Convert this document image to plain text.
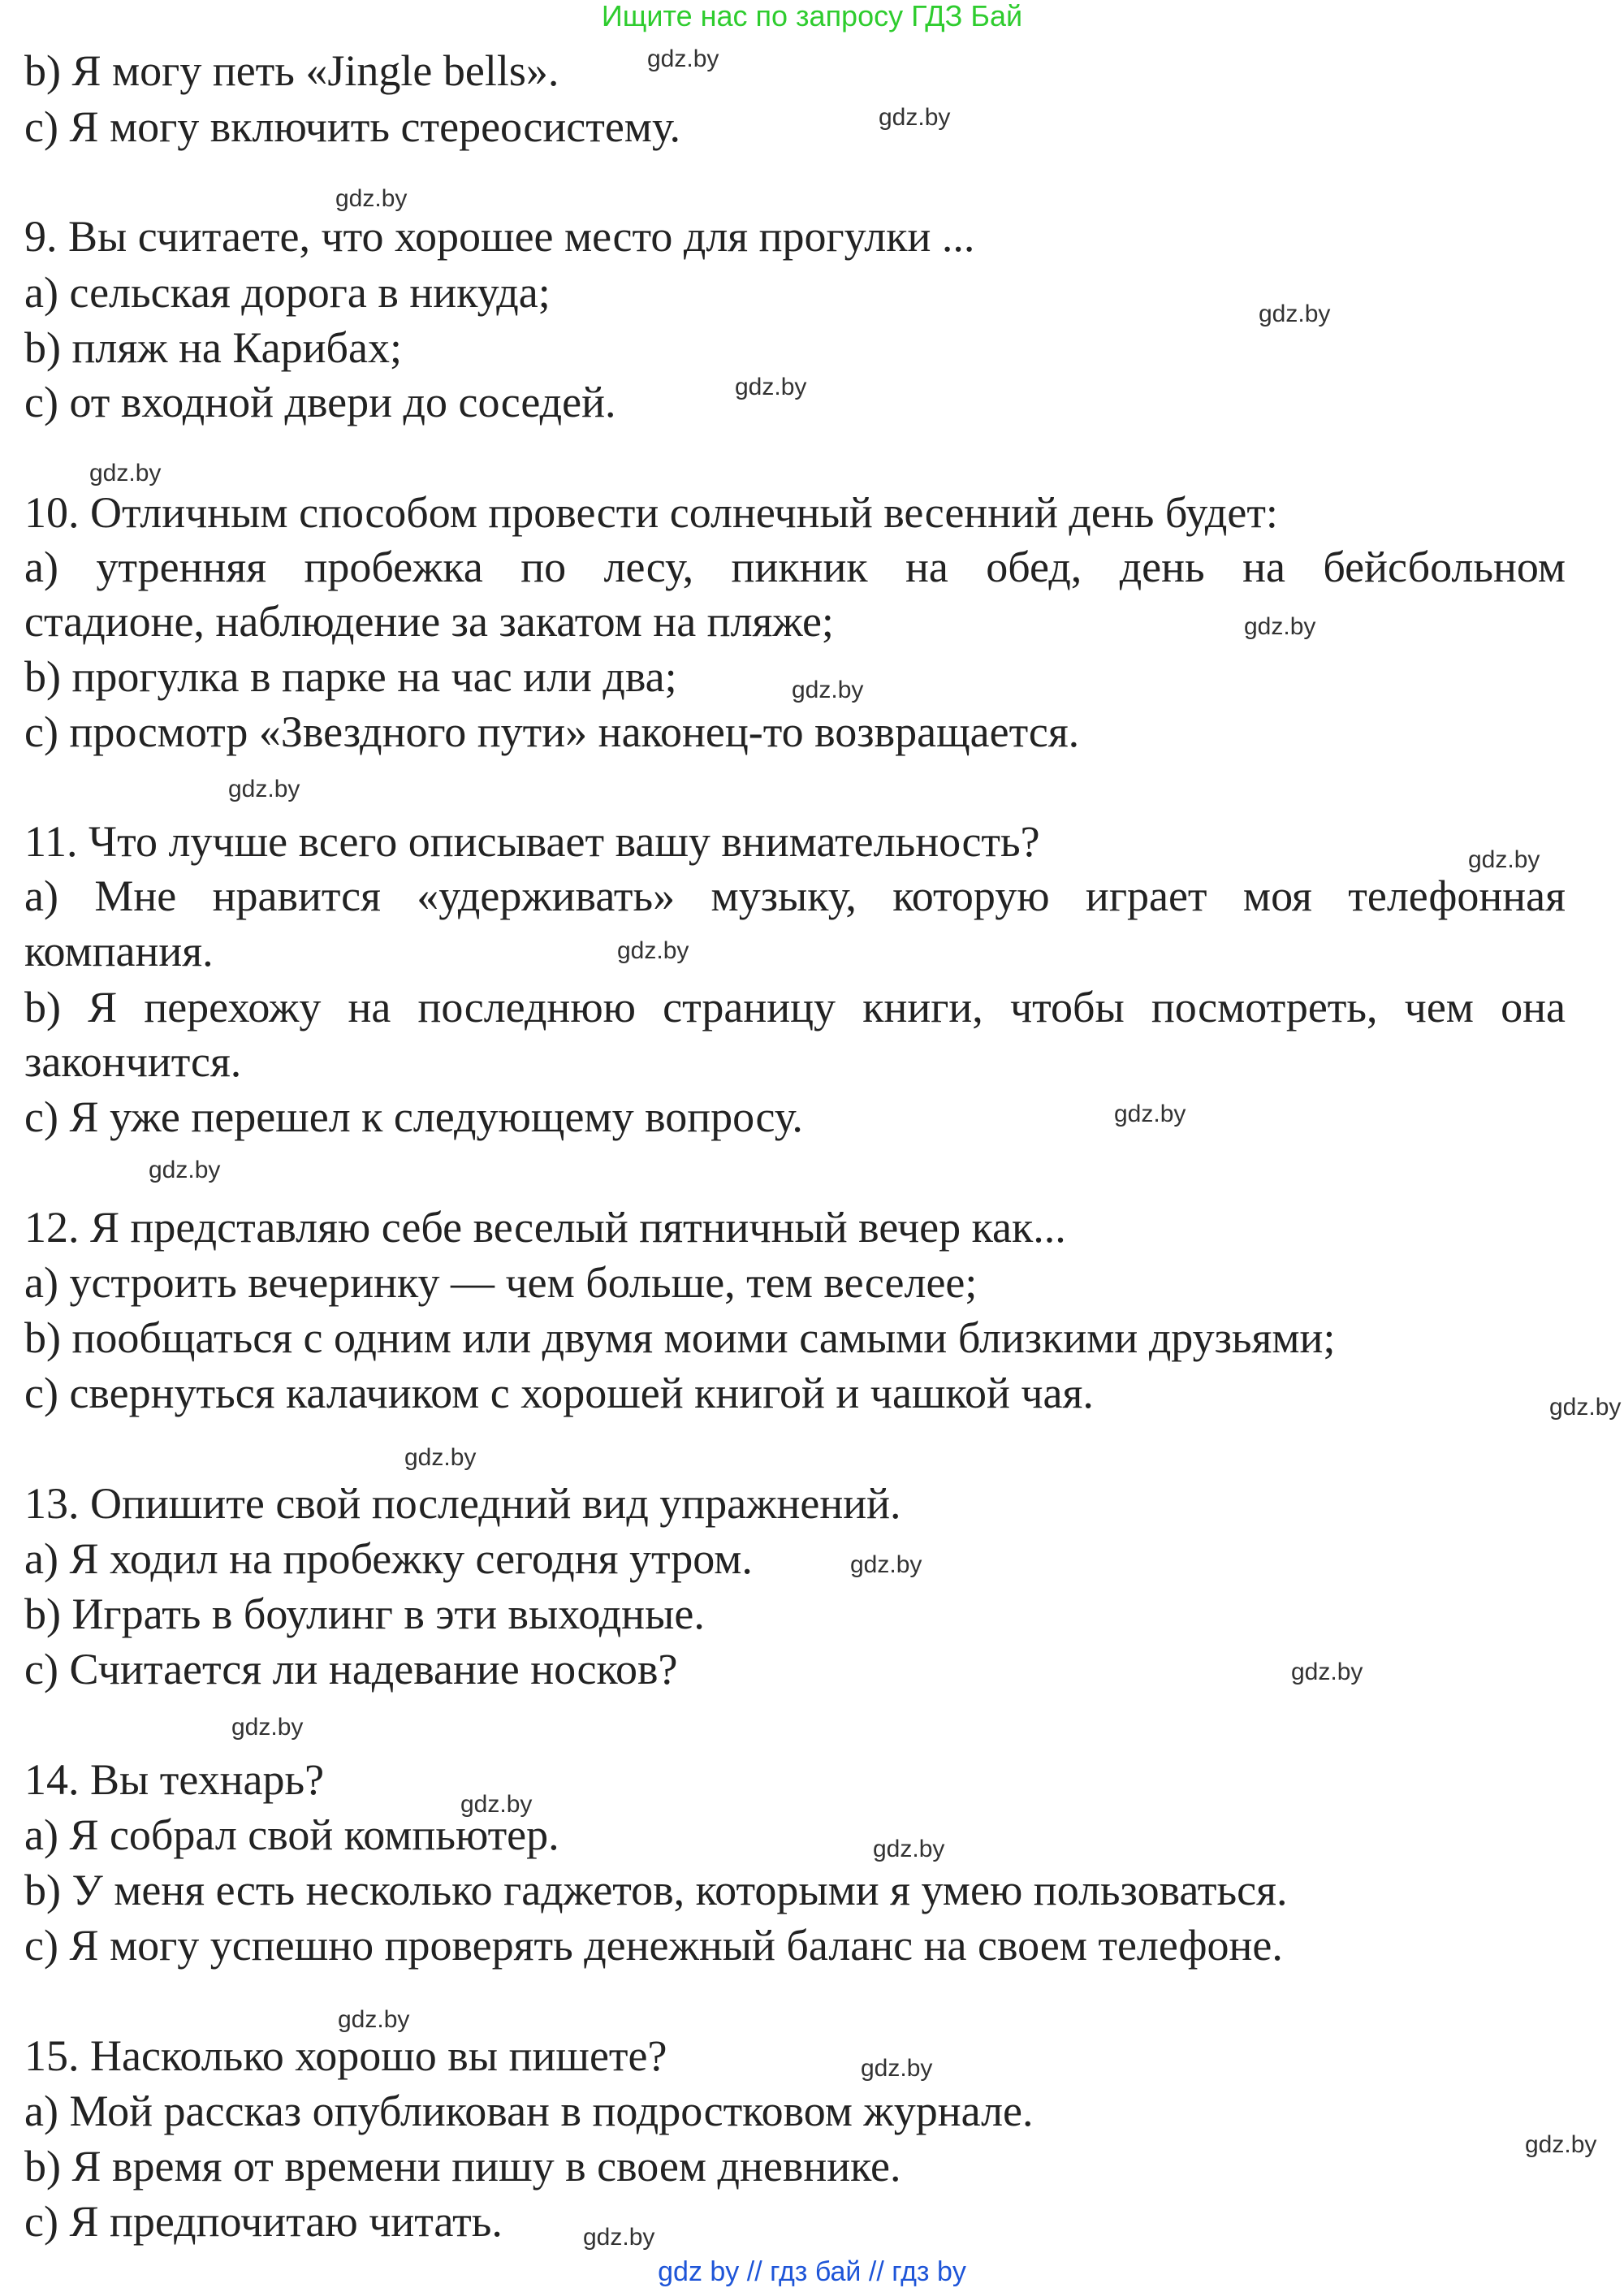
Ищите нас по запросу ГДЗ Бай
b) Я могу петь «Jingle bells».
c) Я могу включить стереосистему.
9. Вы считаете, что хорошее место для прогулки ...
a) сельская дорога в никуда;
b) пляж на Карибах;
c) от входной двери до соседей.
10. Отличным способом провести солнечный весенний день будет:
a) утренняя пробежка по лесу, пикник на обед, день на бейсбольном
стадионе, наблюдение за закатом на пляже;
b) прогулка в парке на час или два;
c) просмотр «Звездного пути» наконец-то возвращается.
11. Что лучше всего описывает вашу внимательность?
a) Мне нравится «удерживать» музыку, которую играет моя телефонная
компания.
b) Я перехожу на последнюю страницу книги, чтобы посмотреть, чем она
закончится.
c) Я уже перешел к следующему вопросу.
12. Я представляю себе веселый пятничный вечер как...
a) устроить вечеринку — чем больше, тем веселее;
b) пообщаться с одним или двумя моими самыми близкими друзьями;
c) свернуться калачиком с хорошей книгой и чашкой чая.
13. Опишите свой последний вид упражнений.
a) Я ходил на пробежку сегодня утром.
b) Играть в боулинг в эти выходные.
c) Считается ли надевание носков?
14. Вы технарь?
a) Я собрал свой компьютер.
b) У меня есть несколько гаджетов, которыми я умею пользоваться.
c) Я могу успешно проверять денежный баланс на своем телефоне.
15. Насколько хорошо вы пишете?
a) Мой рассказ опубликован в подростковом журнале.
b) Я время от времени пишу в своем дневнике.
c) Я предпочитаю читать.
gdz.by
gdz.by
gdz.by
gdz.by
gdz.by
gdz.by
gdz.by
gdz.by
gdz.by
gdz.by
gdz.by
gdz.by
gdz.by
gdz.by
gdz.by
gdz.by
gdz.by
gdz.by
gdz.by
gdz.by
gdz.by
gdz.by
gdz.by
gdz.by
gdz by // гдз бай // гдз by
